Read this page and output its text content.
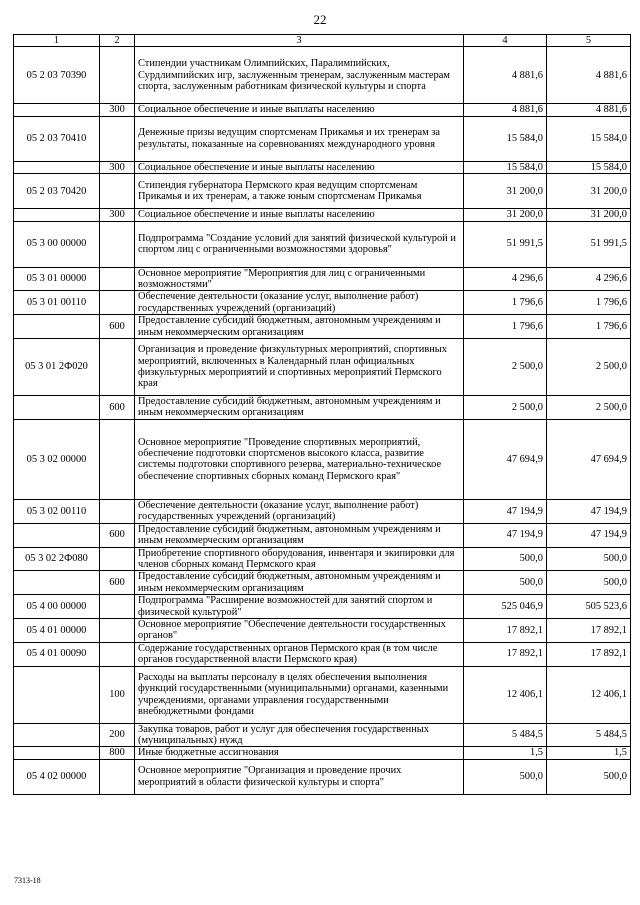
22
1	2	3	4	5
05 2 03 70390		Стипендии участникам Олимпийских, Паралимпийских, Сурдлимпийских игр, заслуженным тренерам, заслуженным мастерам спорта, заслуженным работникам физической культуры и спорта	4 881,6	4 881,6
	300	Социальное обеспечение и иные выплаты населению	4 881,6	4 881,6
05 2 03 70410		Денежные призы ведущим спортсменам Прикамья и их тренерам за результаты, показанные на соревнованиях международного уровня	15 584,0	15 584,0
	300	Социальное обеспечение и иные выплаты населению	15 584,0	15 584,0
05 2 03 70420		Стипендия губернатора Пермского края ведущим спортсменам Прикамья и их тренерам, а также юным спортсменам Прикамья	31 200,0	31 200,0
	300	Социальное обеспечение и иные выплаты населению	31 200,0	31 200,0
05 3 00 00000		Подпрограмма "Создание условий для занятий физической культурой и спортом лиц с ограниченными возможностями здоровья"	51 991,5	51 991,5
05 3 01 00000		Основное мероприятие "Мероприятия для лиц с ограниченными возможностями"	4 296,6	4 296,6
05 3 01 00110		Обеспечение деятельности (оказание услуг, выполнение работ) государственных учреждений (организаций)	1 796,6	1 796,6
	600	Предоставление субсидий бюджетным, автономным учреждениям и иным некоммерческим организациям	1 796,6	1 796,6
05 3 01 2Ф020		Организация и проведение физкультурных мероприятий, спортивных мероприятий, включенных в Календарный план официальных физкультурных мероприятий и спортивных мероприятий Пермского края	2 500,0	2 500,0
	600	Предоставление субсидий бюджетным, автономным учреждениям и иным некоммерческим организациям	2 500,0	2 500,0
05 3 02 00000		Основное мероприятие "Проведение спортивных мероприятий, обеспечение подготовки спортсменов высокого класса, развитие системы подготовки спортивного резерва, материально-техническое обеспечение спортивных сборных команд Пермского края"	47 694,9	47 694,9
05 3 02 00110		Обеспечение деятельности (оказание услуг, выполнение работ) государственных учреждений (организаций)	47 194,9	47 194,9
	600	Предоставление субсидий бюджетным, автономным учреждениям и иным некоммерческим организациям	47 194,9	47 194,9
05 3 02 2Ф080		Приобретение спортивного оборудования, инвентаря и экипировки для членов сборных команд Пермского края	500,0	500,0
	600	Предоставление субсидий бюджетным, автономным учреждениям и иным некоммерческим организациям	500,0	500,0
05 4 00 00000		Подпрограмма "Расширение возможностей для занятий спортом и физической культурой"	525 046,9	505 523,6
05 4 01 00000		Основное мероприятие "Обеспечение деятельности государственных органов"	17 892,1	17 892,1
05 4 01 00090		Содержание государственных органов Пермского края (в том числе органов государственной власти Пермского края)	17 892,1	17 892,1
	100	Расходы на выплаты персоналу в целях обеспечения выполнения функций государственными (муниципальными) органами, казенными учреждениями, органами управления государственными внебюджетными фондами	12 406,1	12 406,1
	200	Закупка товаров, работ и услуг для обеспечения государственных (муниципальных) нужд	5 484,5	5 484,5
	800	Иные бюджетные ассигнования	1,5	1,5
05 4 02 00000		Основное мероприятие "Организация и проведение прочих мероприятий в области физической культуры и спорта"	500,0	500,0
7313-18
